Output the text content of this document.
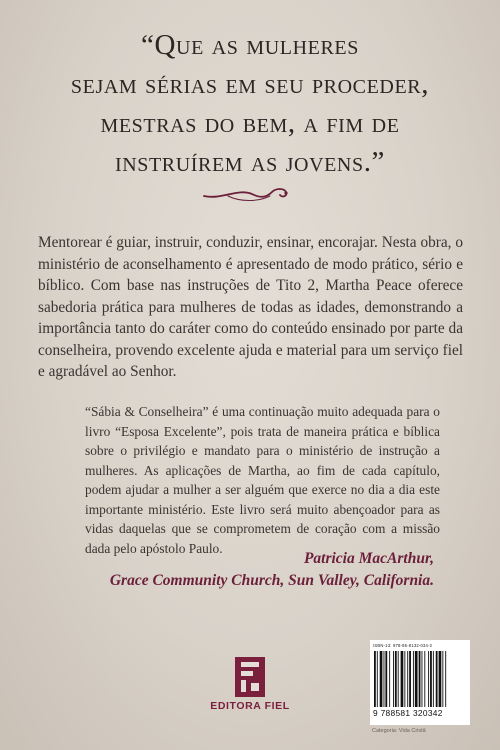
“Que as mulheres
sejam sérias em seu proceder,
mestras do bem, a fim de
instruírem as jovens.”
Mentorear é guiar, instruir, conduzir, ensinar, encorajar. Nesta obra, o ministério de aconselhamento é apresentado de modo prático, sério e bíblico. Com base nas instruções de Tito 2, Martha Peace oferece sabedoria prática para mulheres de todas as idades, demonstrando a importância tanto do caráter como do conteúdo ensinado por parte da conselheira, provendo excelente ajuda e material para um serviço fiel e agradável ao Senhor.
“Sábia & Conselheira” é uma continuação muito adequada para o livro “Esposa Excelente”, pois trata de maneira prática e bíblica sobre o privilégio e mandato para o ministério de instrução a mulheres. As aplicações de Martha, ao fim de cada capítulo, podem ajudar a mulher a ser alguém que exerce no dia a dia este importante ministério. Este livro será muito abençoador para as vidas daquelas que se comprometem de coração com a missão dada pelo apóstolo Paulo.
Patricia MacArthur,
Grace Community Church, Sun Valley, California.
EDITORA FIEL
ISBN-13: 978-85-8132-034-2
9 788581 320342
Categoria: Vida Cristã
